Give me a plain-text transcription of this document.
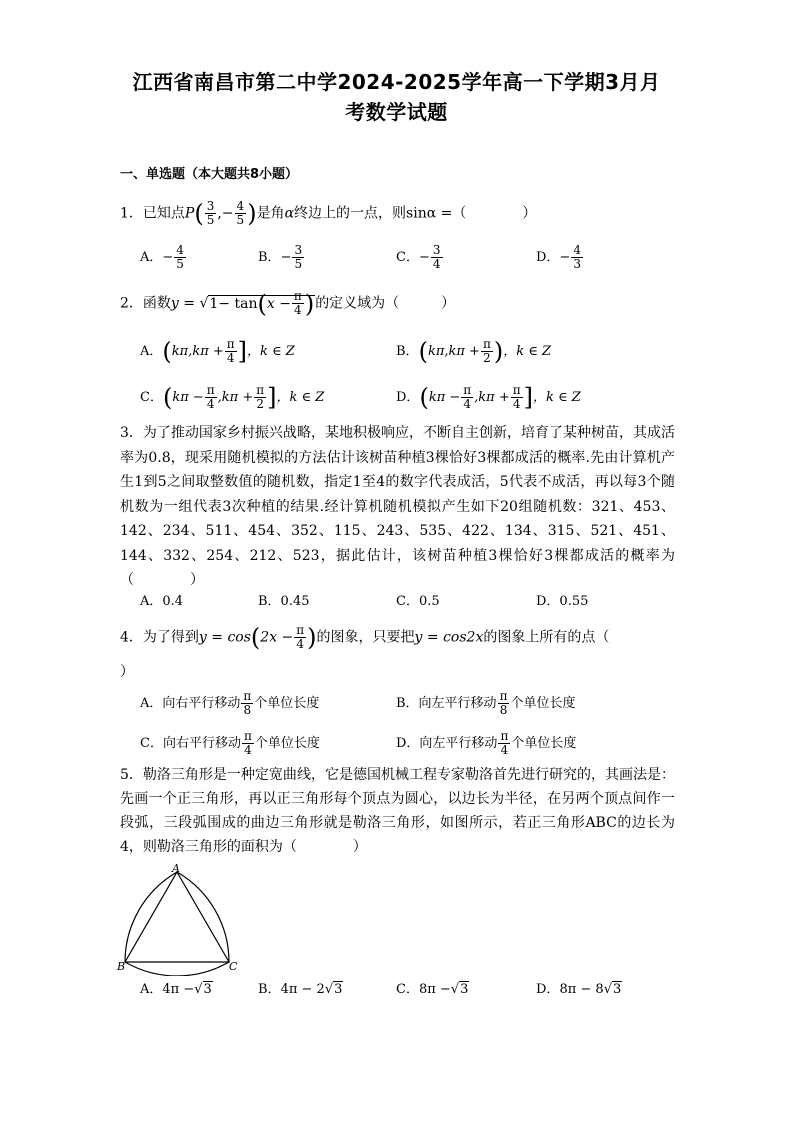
江西省南昌市第二中学2024-2025学年高一下学期3月月
考数学试题
一、单选题（本大题共8小题）
1．已知点$P( \frac{3}{5}$ ,− $\frac{4}{5}$ )是角α终边上的一点，则sinα =（　　　　）
A．− $\frac{4}{5}$	B．− $\frac{3}{5}$	C．− $\frac{3}{4}$	D．− $\frac{4}{3}$
2．函数$y = √1- \tan(x - \frac{\pi}{4}$ )的定义域为（　　　）
A．($k\pi,k\pi + \frac{\pi}{4}$ ]，k ∈ Z	B．($k\pi,k\pi + \frac{\pi}{2}$ )，k ∈ Z
C．($k\pi - \frac{\pi}{4} ,k\pi + \frac{\pi}{2}$ ]，k ∈ Z	D．($k\pi - \frac{\pi}{4} ,k\pi + \frac{\pi}{4}$ ]，k ∈ Z
3．为了推动国家乡村振兴战略，某地积极响应，不断自主创新，培育了某种树苗，其成活率为0.8，现采用随机模拟的方法估计该树苗种植3棵恰好3棵都成活的概率.先由计算机产生1到5之间取整数值的随机数，指定1至4的数字代表成活，5代表不成活，再以每3个随机数为一组代表3次种植的结果.经计算机随机模拟产生如下20组随机数：321、453、142、234、511、454、352、115、243、535、422、134、315、521、451、144、332、254、212、523，据此估计，该树苗种植3棵恰好3棵都成活的概率为（　　　　）
A．0.4	B．0.45	C．0.5	D．0.55
4．为了得到$y = \cos(2x - \frac{\pi}{4}$ )的图象，只要把y = cos2x的图象上所有的点（
）
A．向右平行移动 $\frac{\pi}{8}$ 个单位长度	B．向左平行移动 $\frac{\pi}{8}$ 个单位长度
C．向右平行移动 $\frac{\pi}{4}$ 个单位长度	D．向左平行移动 $\frac{\pi}{4}$ 个单位长度
5．勒洛三角形是一种定宽曲线，它是德国机械工程专家勒洛首先进行研究的，其画法是：先画一个正三角形，再以正三角形每个顶点为圆心，以边长为半径，在另两个顶点间作一段弧，三段弧围成的曲边三角形就是勒洛三角形，如图所示，若正三角形ABC的边长为4，则勒洛三角形的面积为（　　　　）
A
B	C
A．4π −√3	B．4π − 2√3	C．8π −√3	D．8π − 8√3
